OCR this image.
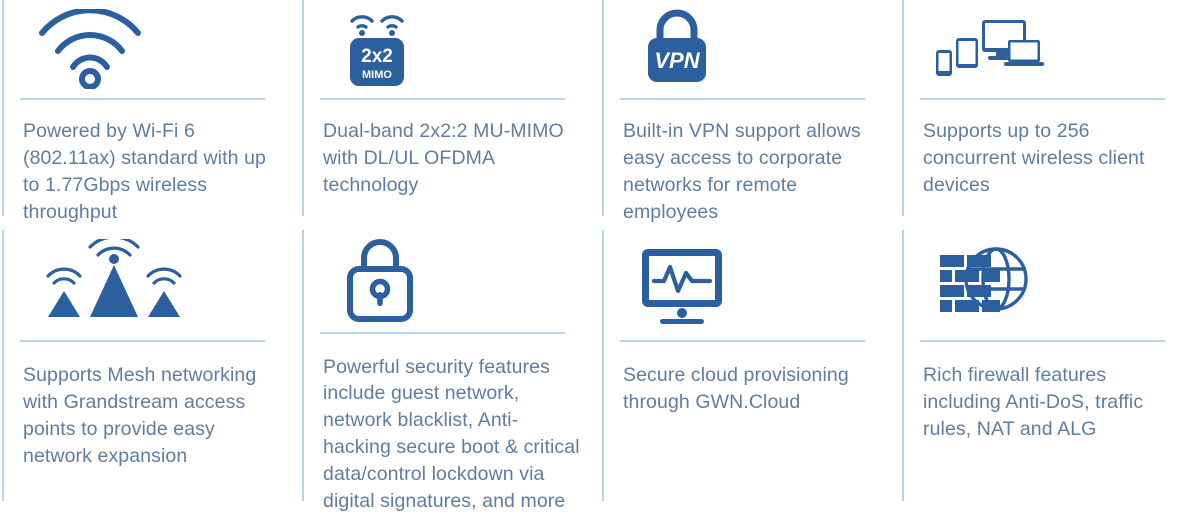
Powered by Wi-Fi 6 (802.11ax) standard with up to 1.77Gbps wireless throughput
2x2
MIMO
Dual-band 2x2:2 MU-MIMO with DL/UL OFDMA technology
VPN
Built-in VPN support allows easy access to corporate networks for remote employees
Supports up to 256 concurrent wireless client devices
Supports Mesh networking with Grandstream access points to provide easy network expansion
Powerful security features include guest network, network blacklist, Anti-hacking secure boot & critical data/control lockdown via digital signatures, and more
Secure cloud provisioning through GWN.Cloud
Rich firewall features including Anti-DoS, traffic rules, NAT and ALG
